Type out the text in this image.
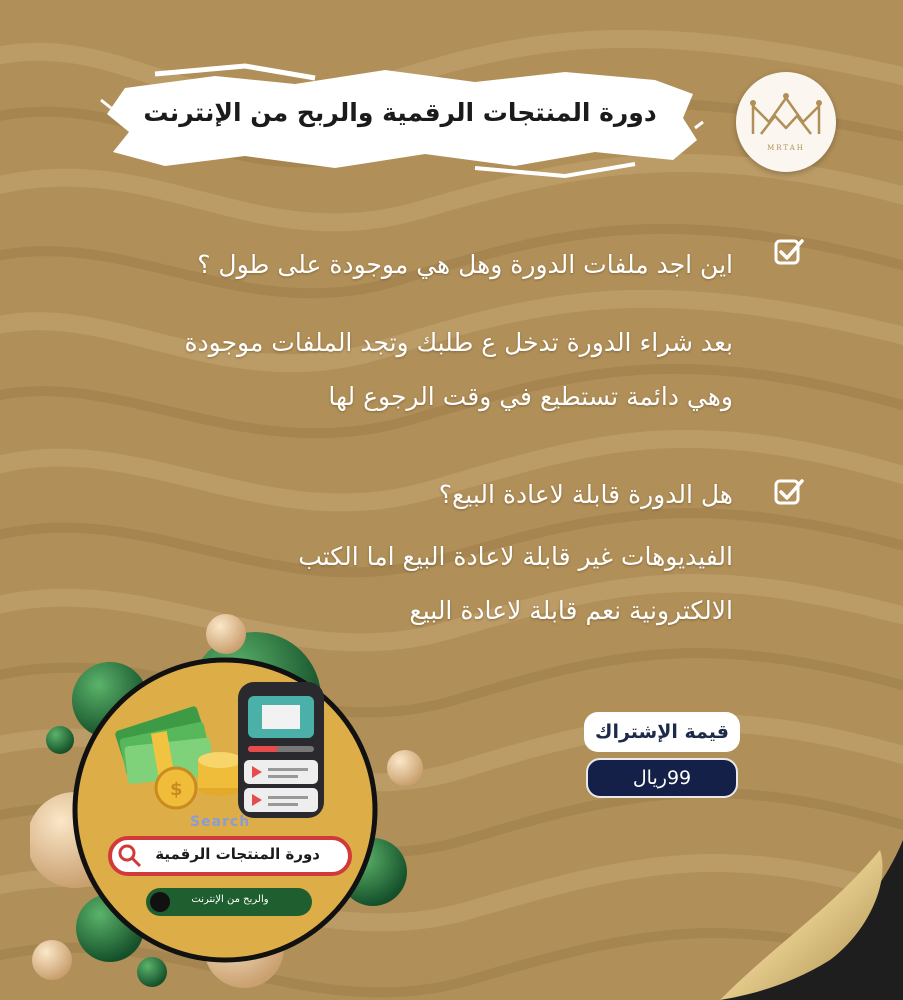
MRTAH
دورة المنتجات الرقمية والربح من الإنترنت
اين اجد ملفات الدورة وهل هي موجودة على طول ؟
بعد شراء الدورة تدخل ع طلبك وتجد الملفات موجودة
وهي دائمة تستطيع في وقت الرجوع لها
هل الدورة قابلة لاعادة البيع؟
الفيديوهات غير قابلة لاعادة البيع اما الكتب
الالكترونية نعم قابلة لاعادة البيع
قيمة الإشتراك
99ريال
$
Search
دورة المنتجات الرقمية
والربح من الإنترنت
